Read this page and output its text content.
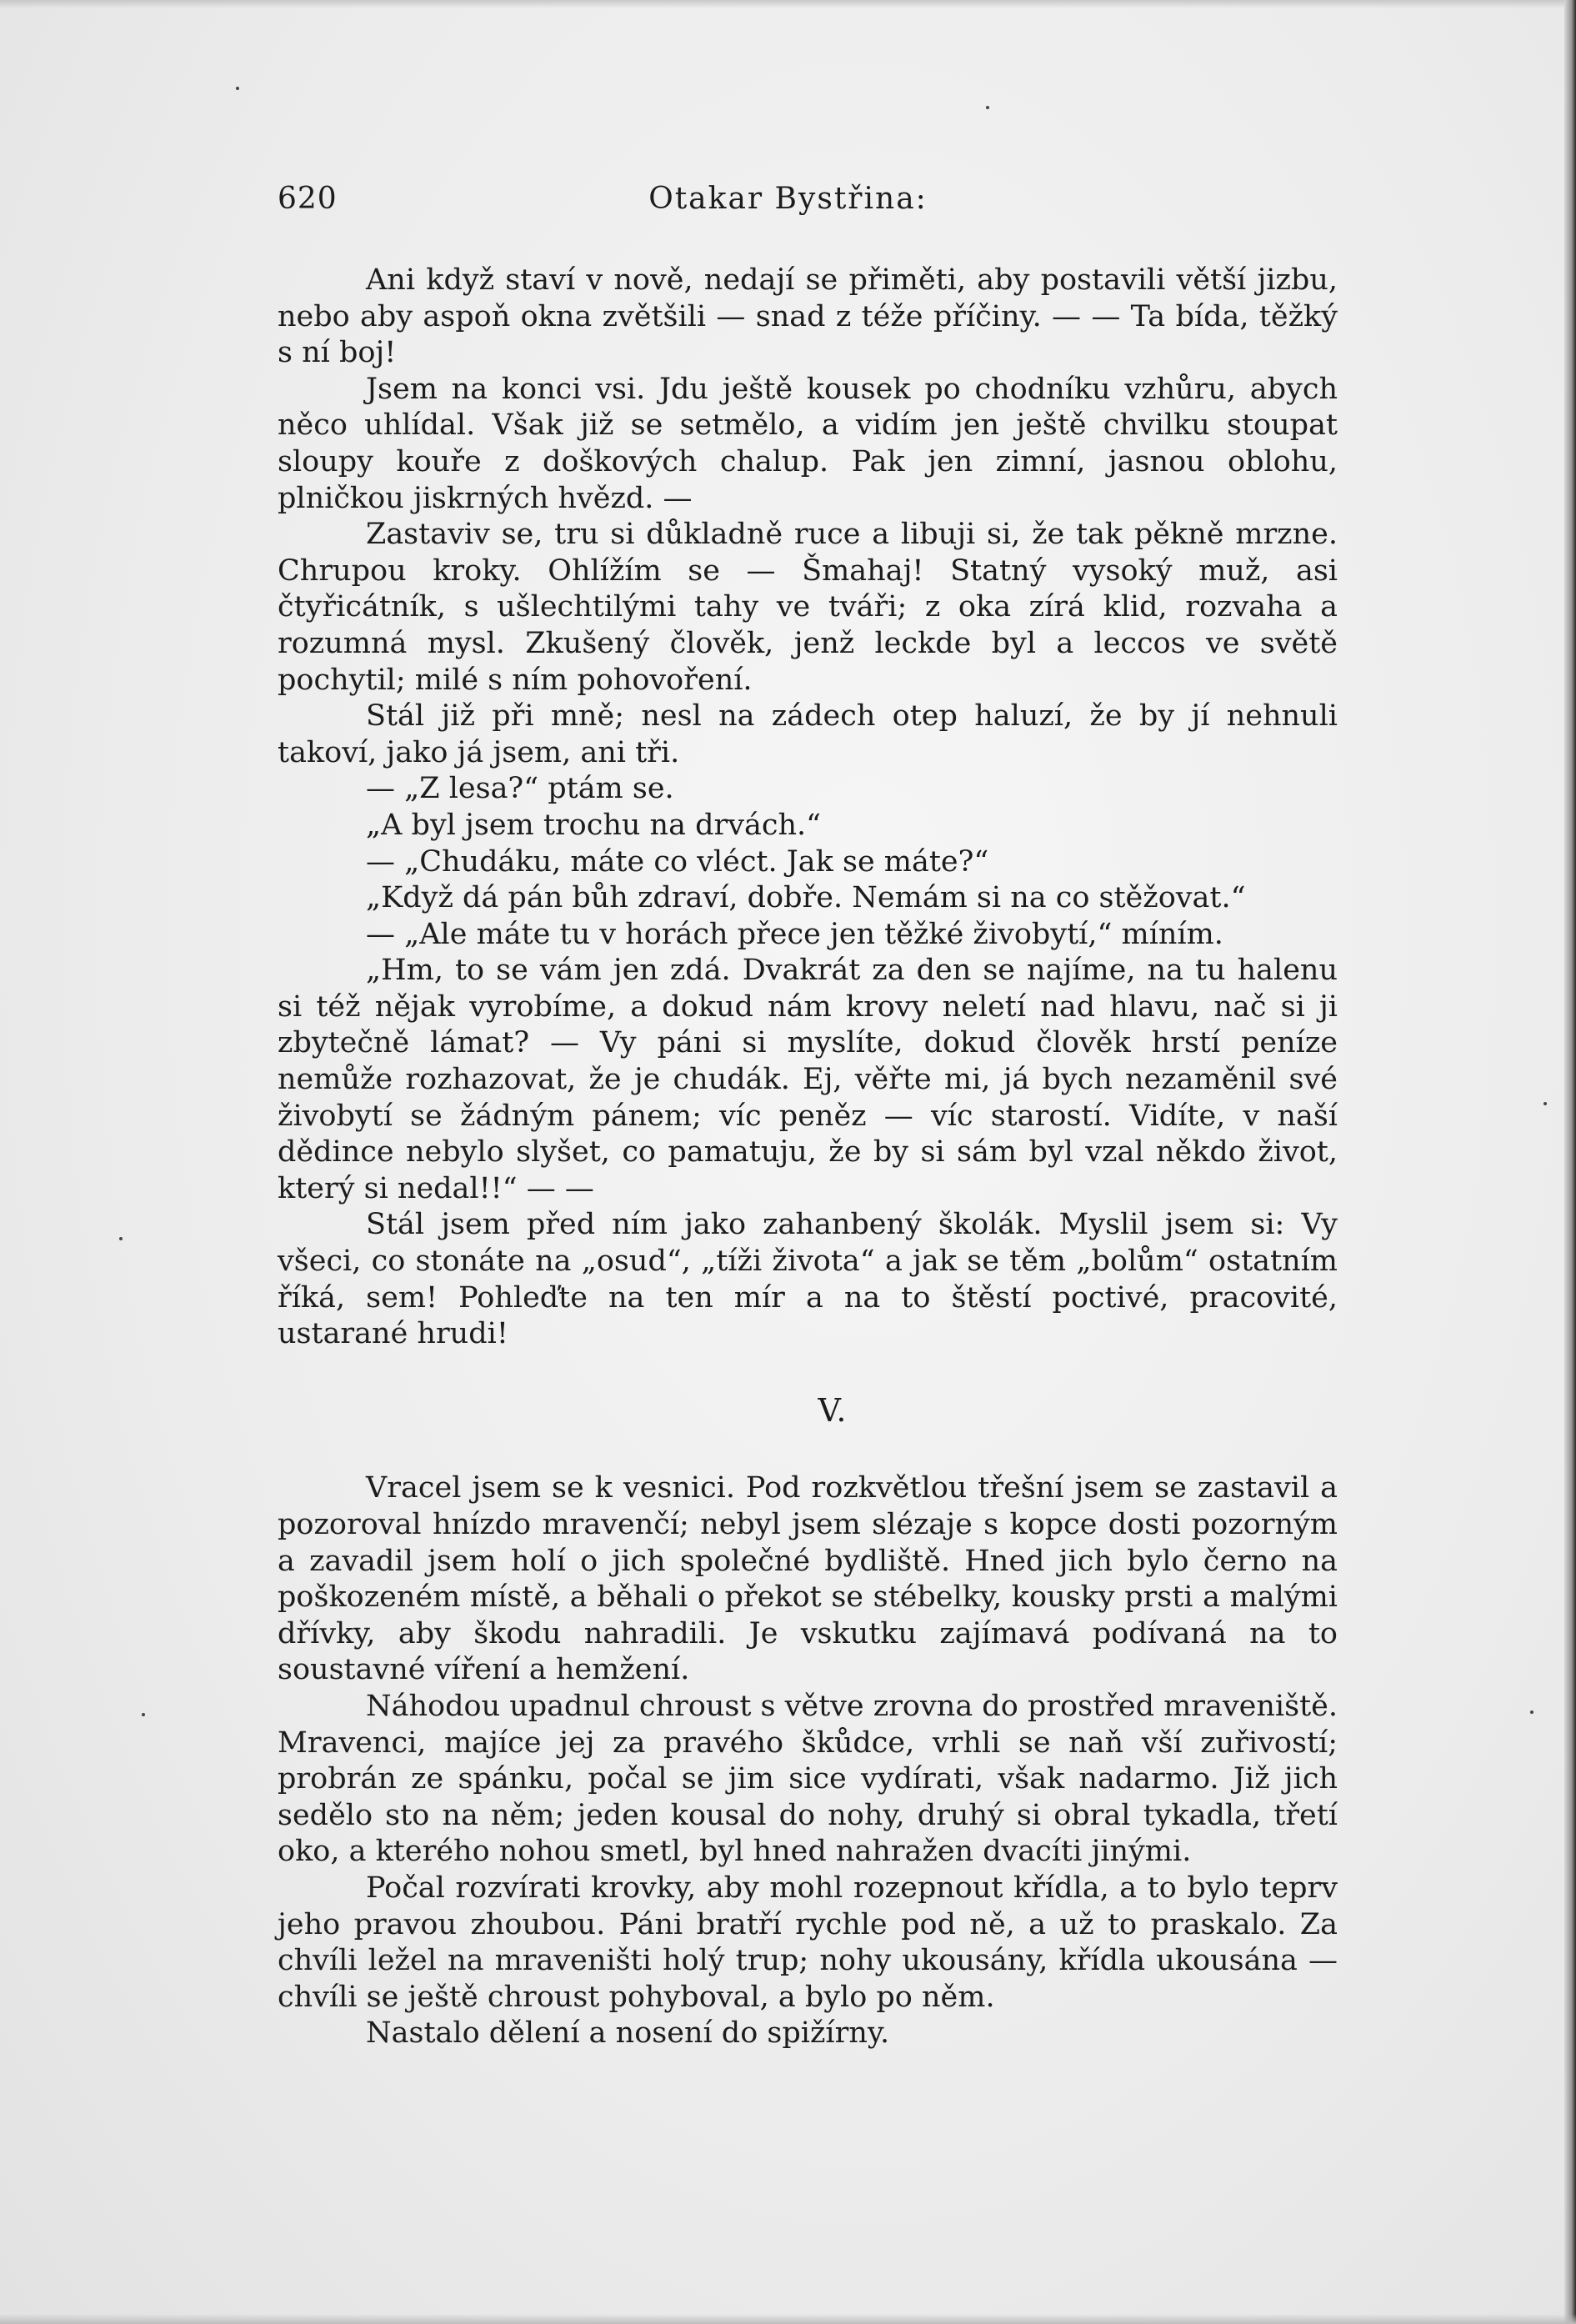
620	Otakar Bystřina:

Ani když staví v nově, nedají se přiměti, aby postavili větší jizbu, nebo aby aspoň okna zvětšili — snad z téže příčiny. — — Ta bída, těžký s ní boj!

Jsem na konci vsi. Jdu ještě kousek po chodníku vzhůru, abych něco uhlídal. Však již se setmělo, a vidím jen ještě chvilku stoupat sloupy kouře z doškových chalup. Pak jen zimní, jasnou oblohu, plničkou jiskrných hvězd. —

Zastaviv se, tru si důkladně ruce a libuji si, že tak pěkně mrzne. Chrupou kroky. Ohlížím se — Šmahaj! Statný vysoký muž, asi čtyřicátník, s ušlechtilými tahy ve tváři; z oka zírá klid, rozvaha a rozumná mysl. Zkušený člověk, jenž leckde byl a leccos ve světě pochytil; milé s ním pohovoření.

Stál již při mně; nesl na zádech otep haluzí, že by jí nehnuli takoví, jako já jsem, ani tři.

— „Z lesa?“ ptám se.

„A byl jsem trochu na drvách.“

— „Chudáku, máte co vléct. Jak se máte?“

„Když dá pán bůh zdraví, dobře. Nemám si na co stěžovat.“

— „Ale máte tu v horách přece jen těžké živobytí,“ míním.

„Hm, to se vám jen zdá. Dvakrát za den se najíme, na tu halenu si též nějak vyrobíme, a dokud nám krovy neletí nad hlavu, nač si ji zbytečně lámat? — Vy páni si myslíte, dokud člověk hrstí peníze nemůže rozhazovat, že je chudák. Ej, věřte mi, já bych nezaměnil své živobytí se žádným pánem; víc peněz — víc starostí. Vidíte, v naší dědince nebylo slyšet, co pamatuju, že by si sám byl vzal někdo život, který si nedal!!“ — —

Stál jsem před ním jako zahanbený školák. Myslil jsem si: Vy všeci, co stonáte na „osud“, „tíži života“ a jak se těm „bolům“ ostatním říká, sem! Pohleďte na ten mír a na to štěstí poctivé, pracovité, ustarané hrudi!

V.

Vracel jsem se k vesnici. Pod rozkvětlou třešní jsem se zastavil a pozoroval hnízdo mravenčí; nebyl jsem slézaje s kopce dosti pozorným a zavadil jsem holí o jich společné bydliště. Hned jich bylo černo na poškozeném místě, a běhali o překot se stébelky, kousky prsti a malými dřívky, aby škodu nahradili. Je vskutku zajímavá podívaná na to soustavné víření a hemžení.

Náhodou upadnul chroust s větve zrovna do prostřed mraveniště. Mravenci, majíce jej za pravého škůdce, vrhli se naň vší zuřivostí; probrán ze spánku, počal se jim sice vydírati, však nadarmo. Již jich sedělo sto na něm; jeden kousal do nohy, druhý si obral tykadla, třetí oko, a kterého nohou smetl, byl hned nahražen dvacíti jinými.

Počal rozvírati krovky, aby mohl rozepnout křídla, a to bylo teprv jeho pravou zhoubou. Páni bratří rychle pod ně, a už to praskalo. Za chvíli ležel na mraveništi holý trup; nohy ukousány, křídla ukousána — chvíli se ještě chroust pohyboval, a bylo po něm.

Nastalo dělení a nosení do spižírny.
